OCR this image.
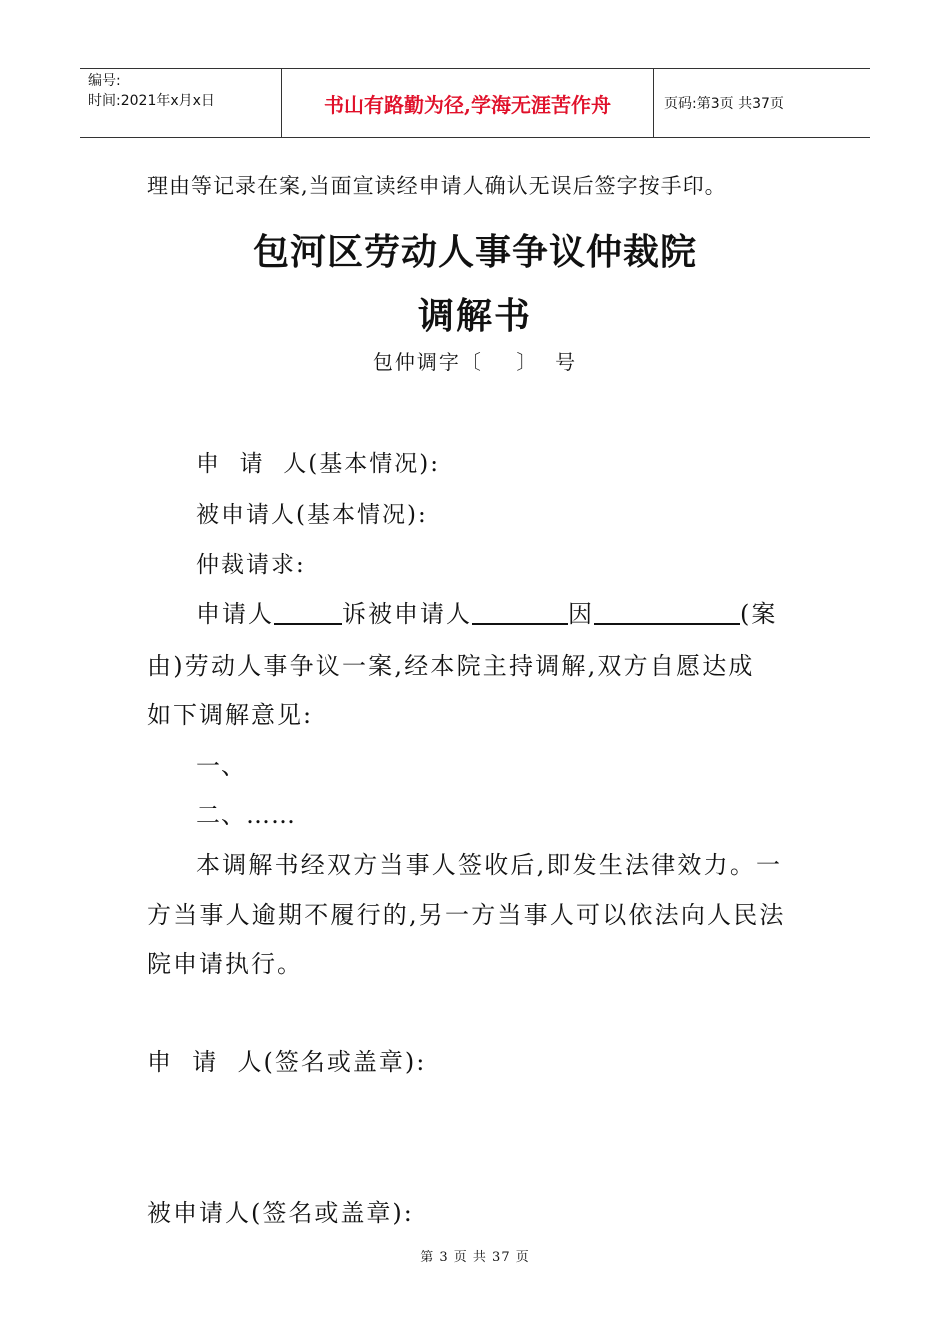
编号:
时间:2021年x月x日	书山有路勤为径,学海无涯苦作舟	页码:第3页 共37页
理由等记录在案,当面宣读经申请人确认无误后签字按手印。
包河区劳动人事争议仲裁院
调解书
包仲调字〔    〕  号
申  请  人(基本情况):
被申请人(基本情况):
仲裁请求:
申请人	诉被申请人	因	(案
由)劳动人事争议一案,经本院主持调解,双方自愿达成
如下调解意见:
一、
二、……
本调解书经双方当事人签收后,即发生法律效力。一
方当事人逾期不履行的,另一方当事人可以依法向人民法
院申请执行。
申  请  人(签名或盖章):
被申请人(签名或盖章):
第 3 页 共 37 页
